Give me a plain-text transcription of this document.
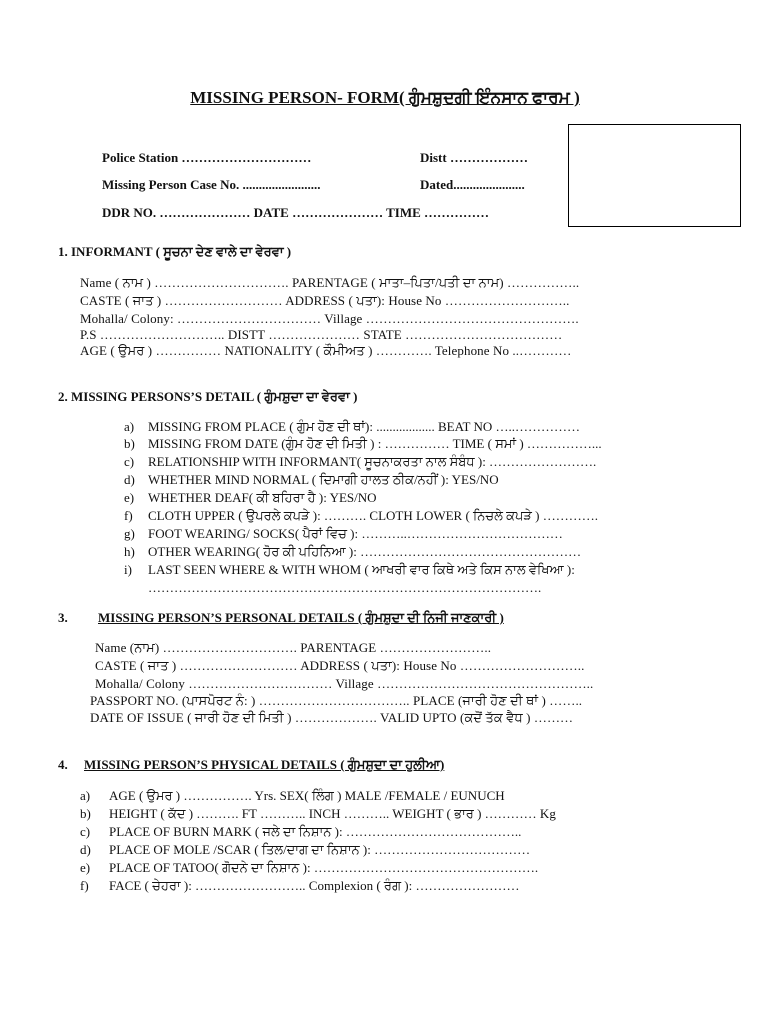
MISSING PERSON- FORM( ਗੁੰਮਸ਼ੁਦਗੀ ਇੰਨਸਾਨ ਫਾਰਮ )
Police Station …………………………	Distt ………………
Missing Person Case No. ........................	Dated......................
DDR NO. ………………… DATE ………………… TIME ……………
1. INFORMANT ( ਸੂਚਨਾ ਦੇਣ ਵਾਲੇ ਦਾ ਵੇਰਵਾ )
Name ( ਨਾਮ ) …………………………. PARENTAGE ( ਮਾਤਾ–ਪਿਤਾ/ਪਤੀ ਦਾ ਨਾਮ) ……………..
CASTE ( ਜਾਤ ) ……………………… ADDRESS ( ਪਤਾ): House No ………………………..
Mohalla/ Colony: …………………………… Village ………………………………………….
P.S ……………………….. DISTT ………………… STATE ………………………………
AGE ( ਉਮਰ ) …………… NATIONALITY ( ਕੌਮੀਅਤ ) …………. Telephone No ..…………
2. MISSING PERSONS’S DETAIL ( ਗੁੰਮਸ਼ੁਦਾ ਦਾ ਵੇਰਵਾ )
a) MISSING FROM PLACE ( ਗੁੰਮ ਹੋਣ ਦੀ ਥਾਂ): .................. BEAT NO …..……………
b) MISSING FROM DATE (ਗੁੰਮ ਹੋਣ ਦੀ ਮਿਤੀ ) : …………… TIME ( ਸਮਾਂ ) ……………...
c) RELATIONSHIP WITH INFORMANT( ਸੂਚਨਾਕਰਤਾ ਨਾਲ ਸੰਬੰਧ ): …………………….
d) WHETHER MIND NORMAL ( ਦਿਮਾਗੀ ਹਾਲਤ ਠੀਕ/ਨਹੀਂ ): YES/NO
e) WHETHER DEAF( ਕੀ ਬਹਿਰਾ ਹੈ ): YES/NO
f) CLOTH UPPER ( ਉਪਰਲੇ ਕਪੜੇ ): ………. CLOTH LOWER ( ਨਿਚਲੇ ਕਪੜੇ ) ………….
g) FOOT WEARING/ SOCKS( ਪੈਰਾਂ ਵਿਚ ): ………..………………………………
h) OTHER WEARING( ਹੋਰ ਕੀ ਪਹਿਨਿਆ ): ……………………………………………
i) LAST SEEN WHERE & WITH WHOM ( ਆਖਰੀ ਵਾਰ ਕਿਥੇ ਅਤੇ ਕਿਸ ਨਾਲ ਵੇਖਿਆ ):
……………………………………………………………………………….
3. MISSING PERSON’S PERSONAL DETAILS ( ਗੁੰਮਸ਼ੁਦਾ ਦੀ ਨਿਜੀ ਜਾਣਕਾਰੀ )
Name (ਨਾਮ) …………………………. PARENTAGE ……………………..
CASTE ( ਜਾਤ ) ……………………… ADDRESS ( ਪਤਾ): House No ………………………..
Mohalla/ Colony …………………………… Village …………………………………………..
PASSPORT NO. (ਪਾਸਪੋਰਟ ਨੰ: ) …………………………….. PLACE (ਜਾਰੀ ਹੋਣ ਦੀ ਥਾਂ ) ……..
DATE OF ISSUE ( ਜਾਰੀ ਹੋਣ ਦੀ ਮਿਤੀ ) ………………. VALID UPTO (ਕਦੋਂ ਤੱਕ ਵੈਧ ) ………
4. MISSING PERSON’S PHYSICAL DETAILS ( ਗੁੰਮਸ਼ੁਦਾ ਦਾ ਹੁਲੀਆ)
a) AGE ( ਉਮਰ ) ……………. Yrs. SEX( ਲਿੰਗ ) MALE /FEMALE / EUNUCH
b) HEIGHT ( ਕੱਦ ) ………. FT ……….. INCH ……….. WEIGHT ( ਭਾਰ ) ………… Kg
c) PLACE OF BURN MARK ( ਜਲੇ ਦਾ ਨਿਸ਼ਾਨ ): …………………………………..
d) PLACE OF MOLE /SCAR ( ਤਿਲ/ਦਾਗ ਦਾ ਨਿਸ਼ਾਨ ): ………………………………
e) PLACE OF TATOO( ਗੋਦਨੇ ਦਾ ਨਿਸ਼ਾਨ ): …………………………………………….
f) FACE ( ਚੇਹਰਾ ): …………………….. Complexion ( ਰੰਗ ): ……………………
